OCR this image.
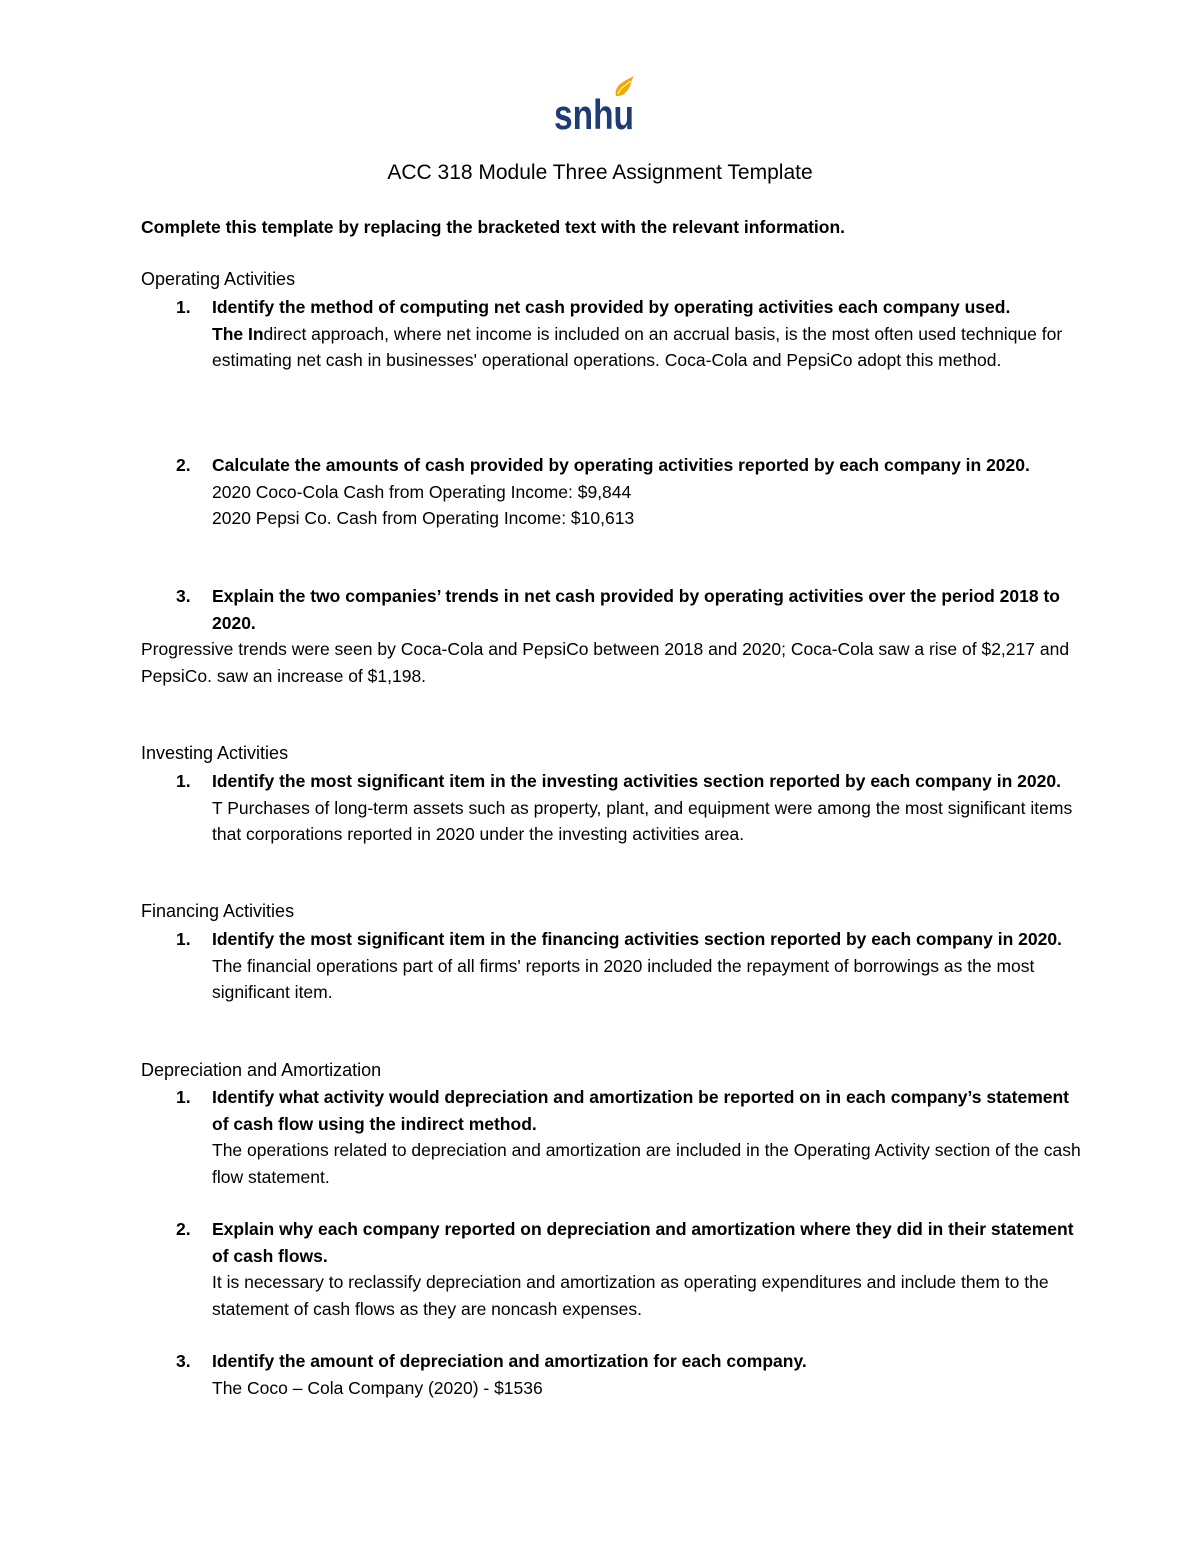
snhu
ACC 318 Module Three Assignment Template
Complete this template by replacing the bracketed text with the relevant information.
Operating Activities
1. Identify the method of computing net cash provided by operating activities each company used.
The Indirect approach, where net income is included on an accrual basis, is the most often used technique for estimating net cash in businesses' operational operations. Coca-Cola and PepsiCo adopt this method.
2. Calculate the amounts of cash provided by operating activities reported by each company in 2020.
2020 Coco-Cola Cash from Operating Income: $9,844
2020 Pepsi Co. Cash from Operating Income: $10,613
3. Explain the two companies’ trends in net cash provided by operating activities over the period 2018 to 2020.
Progressive trends were seen by Coca-Cola and PepsiCo between 2018 and 2020; Coca-Cola saw a rise of $2,217 and PepsiCo. saw an increase of $1,198.
Investing Activities
1. Identify the most significant item in the investing activities section reported by each company in 2020.
T Purchases of long-term assets such as property, plant, and equipment were among the most significant items that corporations reported in 2020 under the investing activities area.
Financing Activities
1. Identify the most significant item in the financing activities section reported by each company in 2020.
The financial operations part of all firms' reports in 2020 included the repayment of borrowings as the most significant item.
Depreciation and Amortization
1. Identify what activity would depreciation and amortization be reported on in each company’s statement of cash flow using the indirect method.
The operations related to depreciation and amortization are included in the Operating Activity section of the cash flow statement.
2. Explain why each company reported on depreciation and amortization where they did in their statement of cash flows.
It is necessary to reclassify depreciation and amortization as operating expenditures and include them to the statement of cash flows as they are noncash expenses.
3. Identify the amount of depreciation and amortization for each company.
The Coco – Cola Company (2020) - $1536
